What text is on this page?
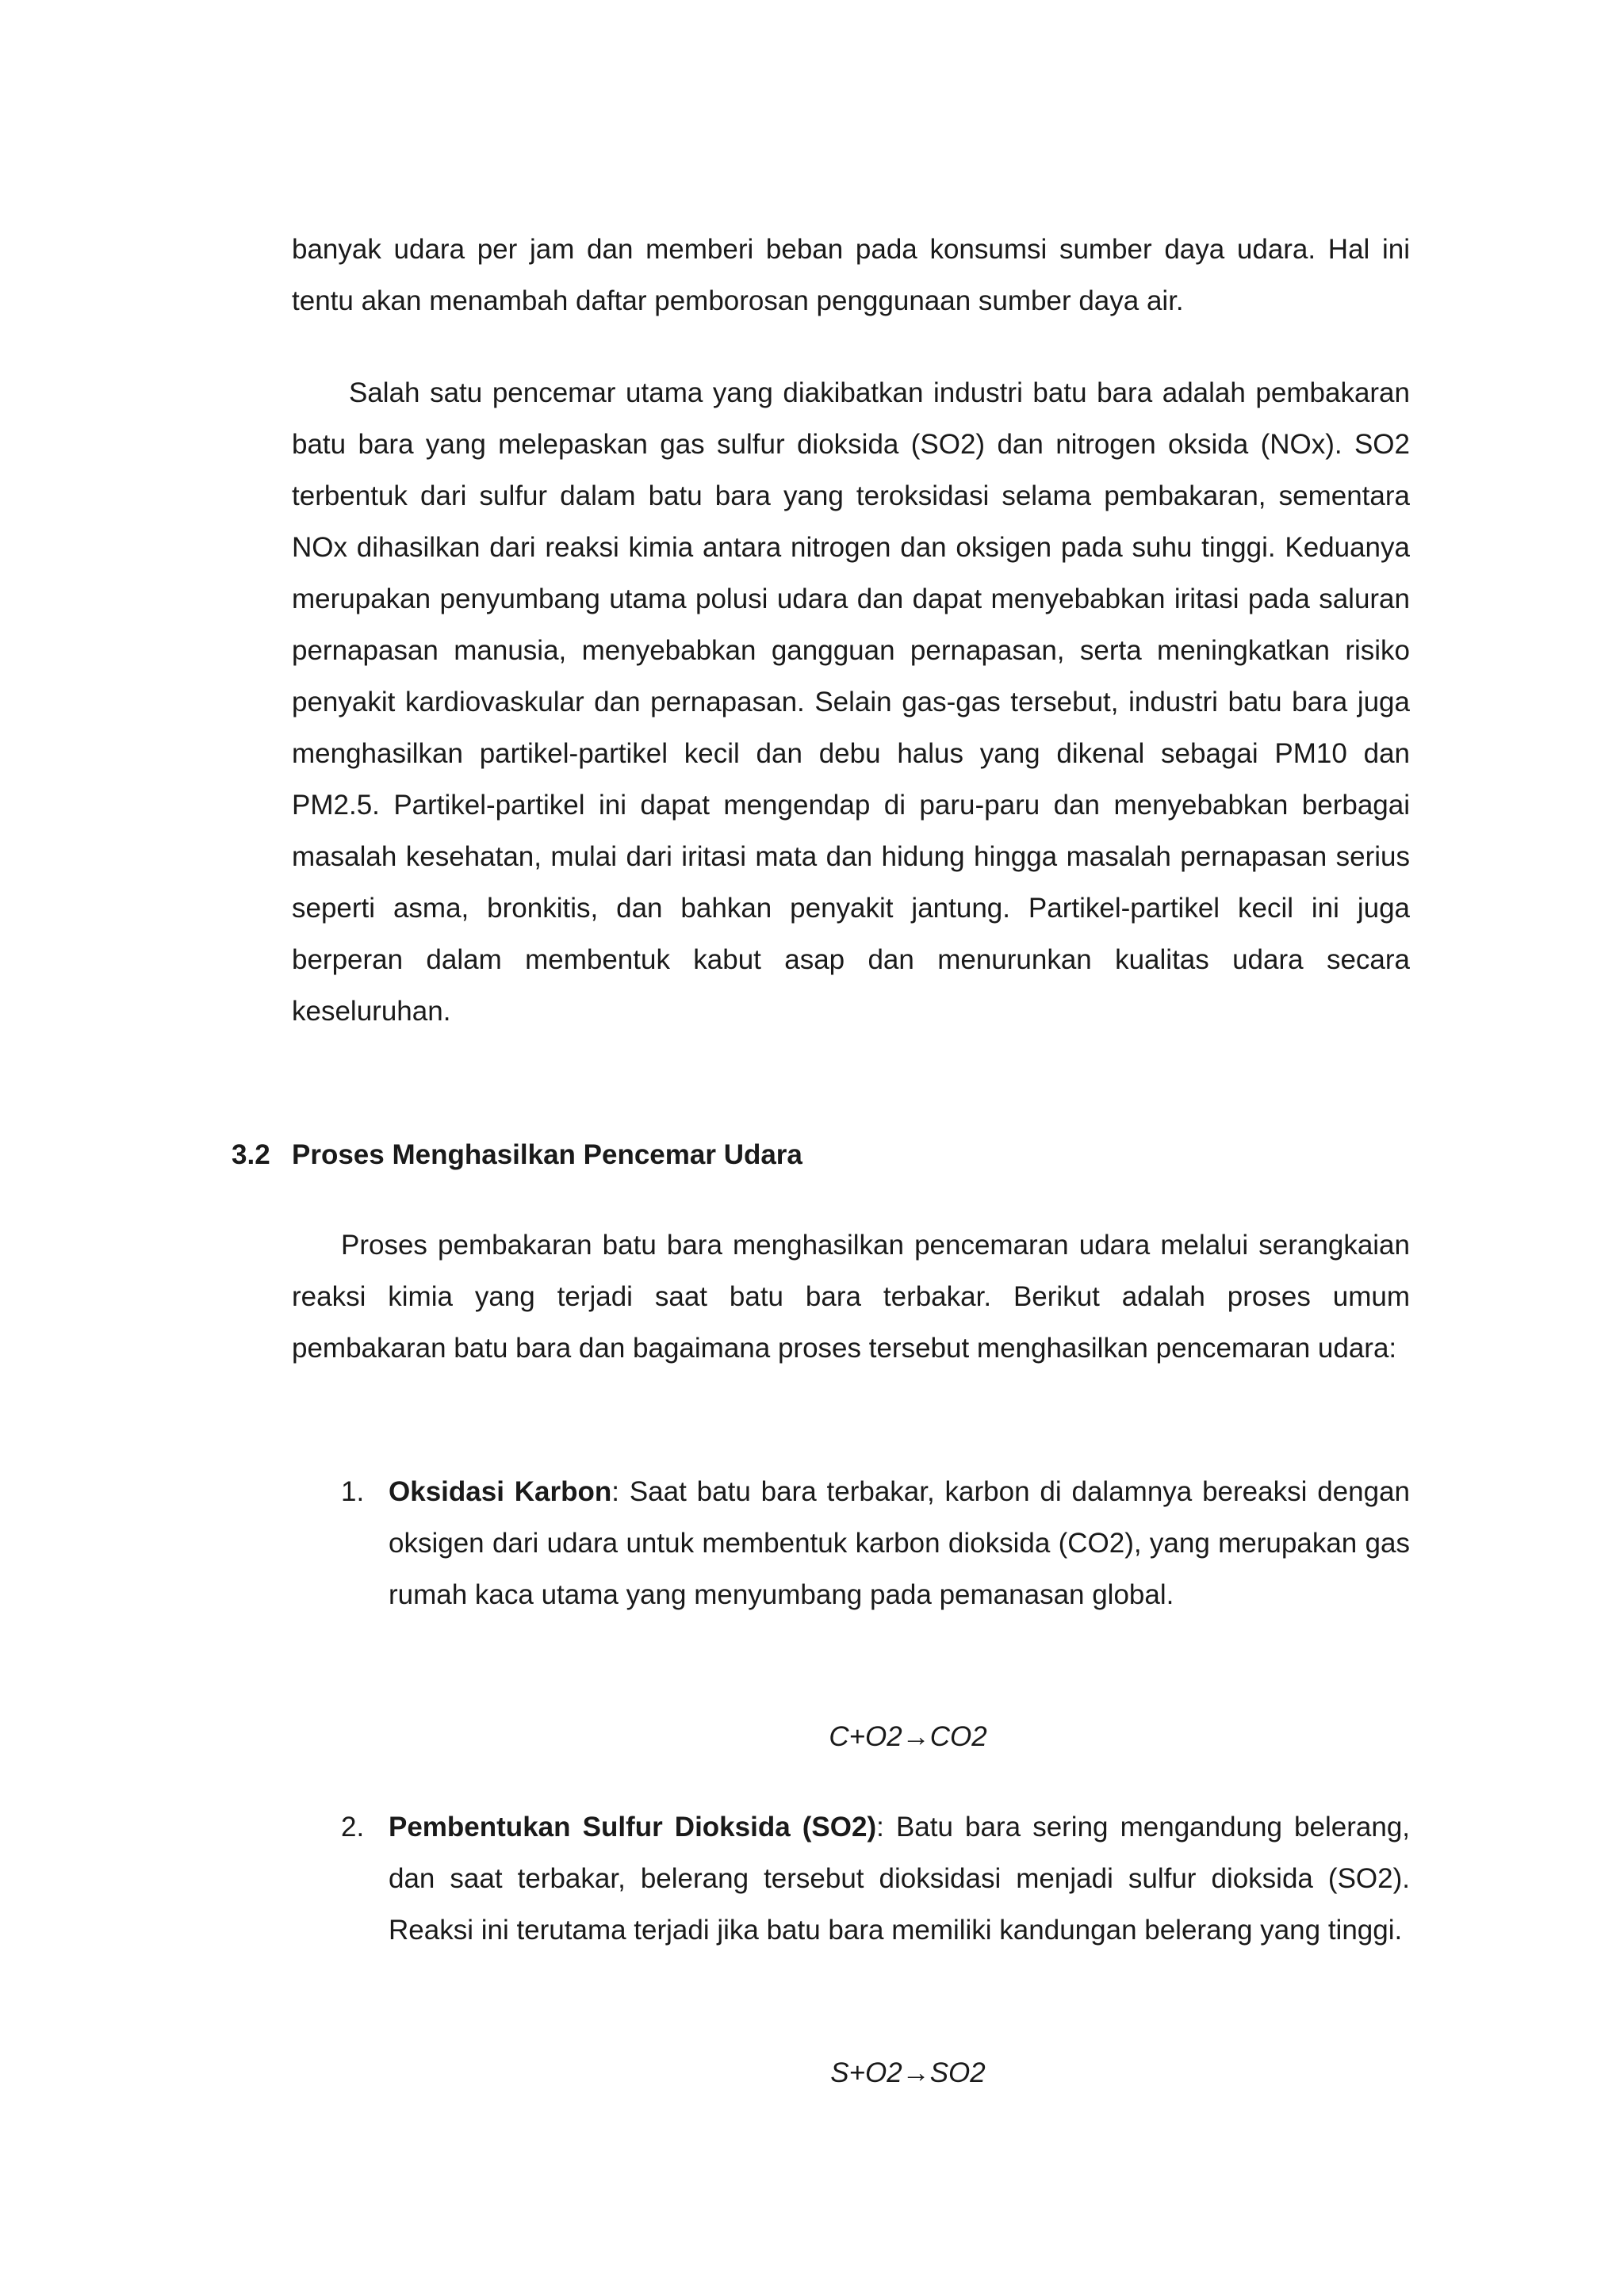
banyak udara per jam dan memberi beban pada konsumsi sumber daya udara. Hal ini tentu akan menambah daftar pemborosan penggunaan sumber daya air.

Salah satu pencemar utama yang diakibatkan industri batu bara adalah pembakaran batu bara yang melepaskan gas sulfur dioksida (SO2) dan nitrogen oksida (NOx). SO2 terbentuk dari sulfur dalam batu bara yang teroksidasi selama pembakaran, sementara NOx dihasilkan dari reaksi kimia antara nitrogen dan oksigen pada suhu tinggi. Keduanya merupakan penyumbang utama polusi udara dan dapat menyebabkan iritasi pada saluran pernapasan manusia, menyebabkan gangguan pernapasan, serta meningkatkan risiko penyakit kardiovaskular dan pernapasan. Selain gas-gas tersebut, industri batu bara juga menghasilkan partikel-partikel kecil dan debu halus yang dikenal sebagai PM10 dan PM2.5. Partikel-partikel ini dapat mengendap di paru-paru dan menyebabkan berbagai masalah kesehatan, mulai dari iritasi mata dan hidung hingga masalah pernapasan serius seperti asma, bronkitis, dan bahkan penyakit jantung. Partikel-partikel kecil ini juga berperan dalam membentuk kabut asap dan menurunkan kualitas udara secara keseluruhan.

3.2 Proses Menghasilkan Pencemar Udara

Proses pembakaran batu bara menghasilkan pencemaran udara melalui serangkaian reaksi kimia yang terjadi saat batu bara terbakar. Berikut adalah proses umum pembakaran batu bara dan bagaimana proses tersebut menghasilkan pencemaran udara:

1. Oksidasi Karbon: Saat batu bara terbakar, karbon di dalamnya bereaksi dengan oksigen dari udara untuk membentuk karbon dioksida (CO2), yang merupakan gas rumah kaca utama yang menyumbang pada pemanasan global.

C+O2→CO2

2. Pembentukan Sulfur Dioksida (SO2): Batu bara sering mengandung belerang, dan saat terbakar, belerang tersebut dioksidasi menjadi sulfur dioksida (SO2). Reaksi ini terutama terjadi jika batu bara memiliki kandungan belerang yang tinggi.

S+O2→SO2
